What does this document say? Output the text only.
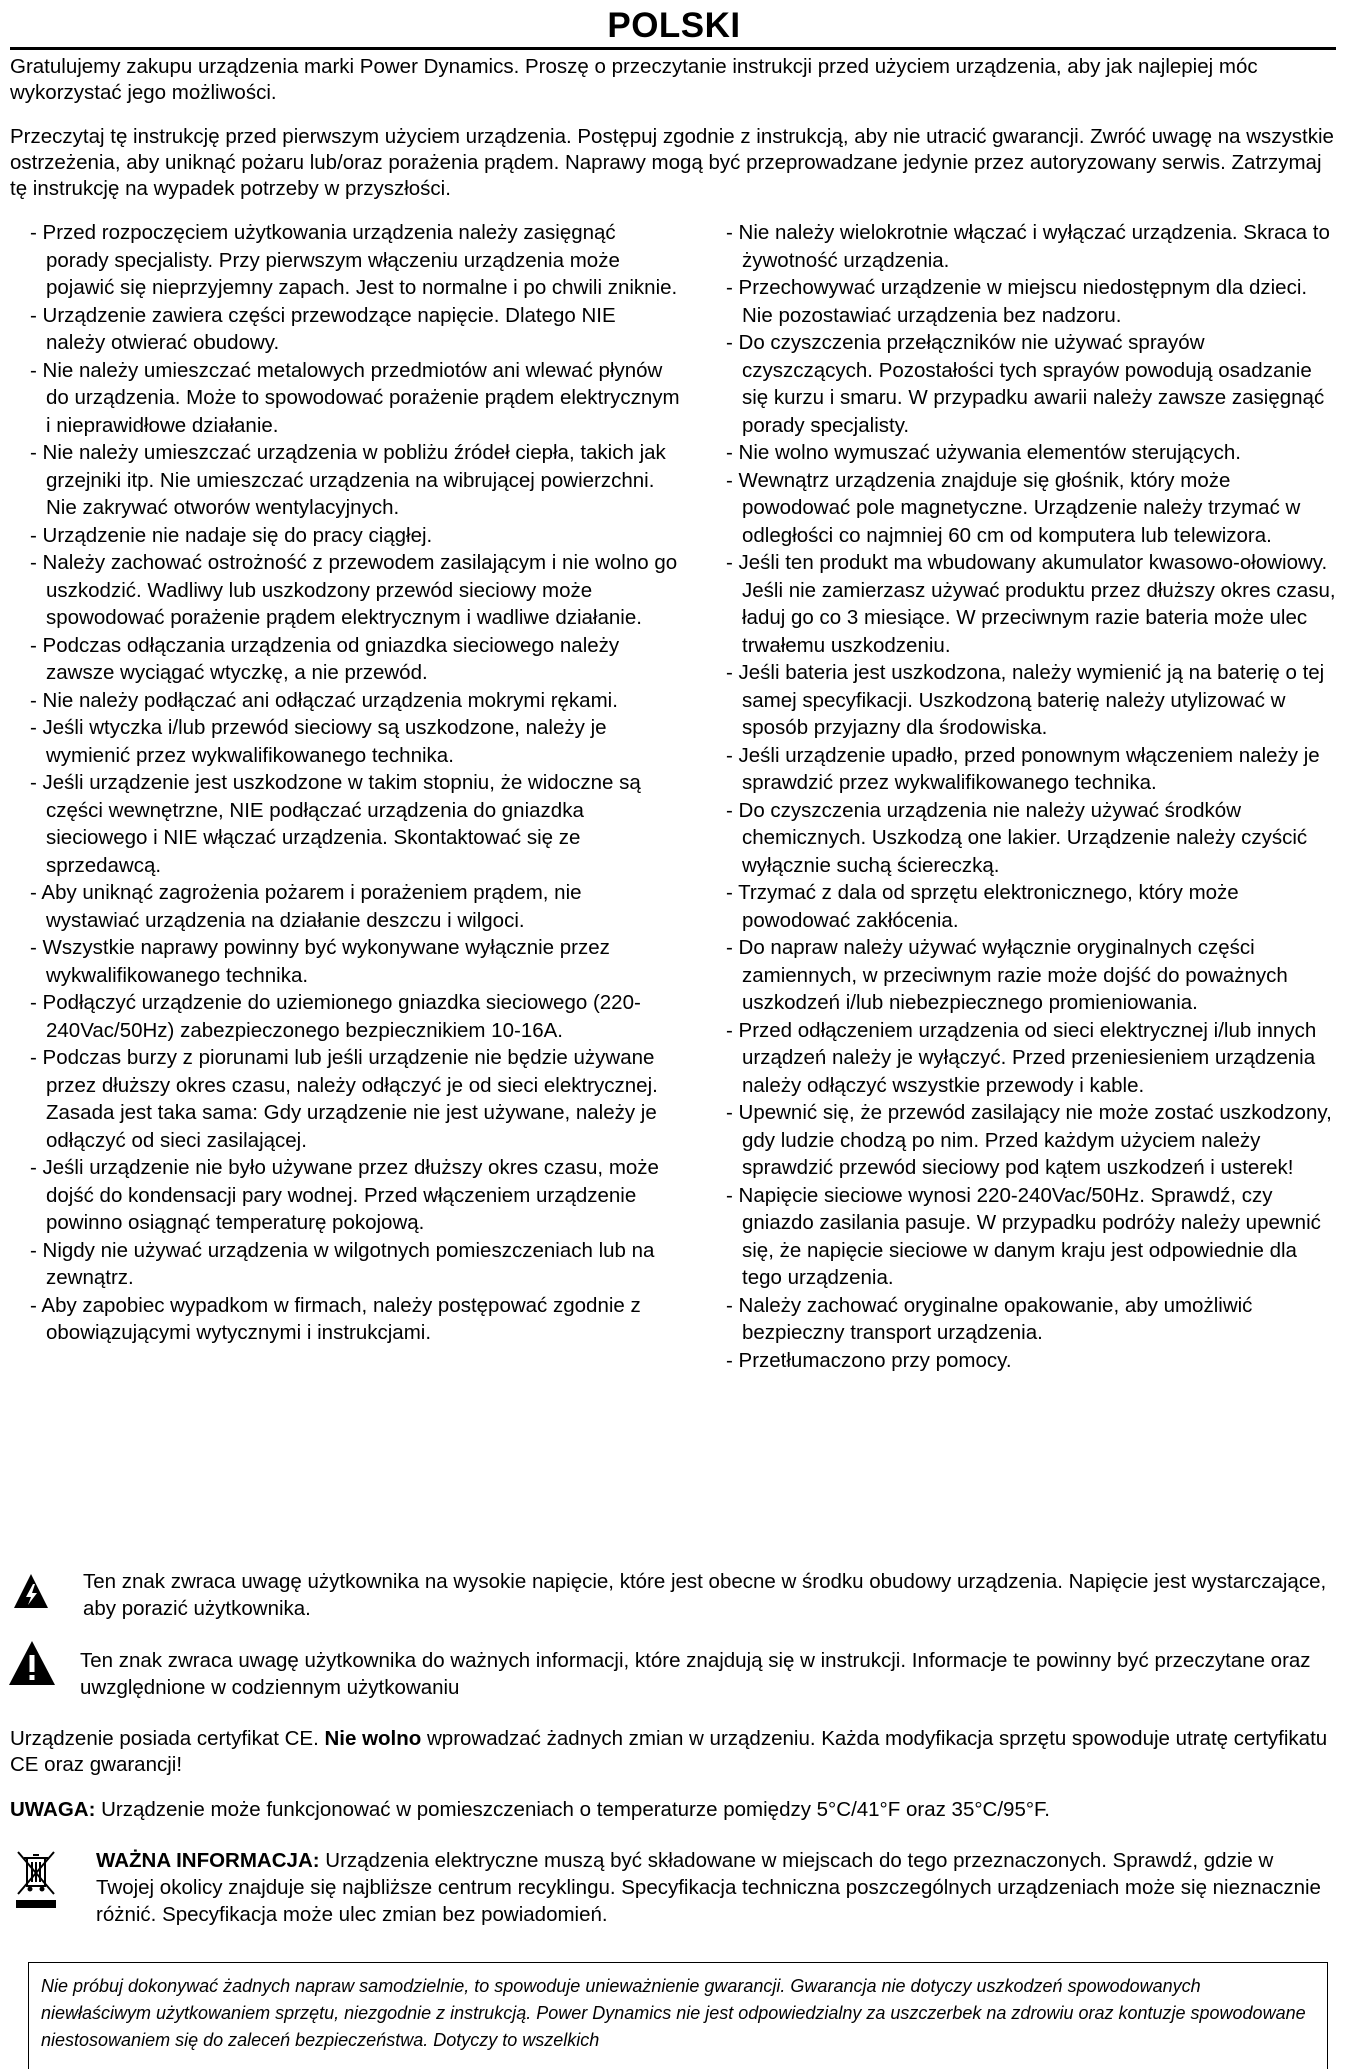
POLSKI
Gratulujemy zakupu urządzenia marki Power Dynamics. Proszę o przeczytanie instrukcji przed użyciem urządzenia, aby jak najlepiej móc wykorzystać jego możliwości.
Przeczytaj tę instrukcję przed pierwszym użyciem urządzenia. Postępuj zgodnie z instrukcją, aby nie utracić gwarancji. Zwróć uwagę na wszystkie ostrzeżenia, aby uniknąć pożaru lub/oraz porażenia prądem. Naprawy mogą być przeprowadzane jedynie przez autoryzowany serwis. Zatrzymaj tę instrukcję na wypadek potrzeby w przyszłości.
- Przed rozpoczęciem użytkowania urządzenia należy zasięgnąć porady specjalisty. Przy pierwszym włączeniu urządzenia może pojawić się nieprzyjemny zapach. Jest to normalne i po chwili zniknie.
- Urządzenie zawiera części przewodzące napięcie. Dlatego NIE należy otwierać obudowy.
- Nie należy umieszczać metalowych przedmiotów ani wlewać płynów do urządzenia. Może to spowodować porażenie prądem elektrycznym i nieprawidłowe działanie.
- Nie należy umieszczać urządzenia w pobliżu źródeł ciepła, takich jak grzejniki itp. Nie umieszczać urządzenia na wibrującej powierzchni. Nie zakrywać otworów wentylacyjnych.
- Urządzenie nie nadaje się do pracy ciągłej.
- Należy zachować ostrożność z przewodem zasilającym i nie wolno go uszkodzić. Wadliwy lub uszkodzony przewód sieciowy może spowodować porażenie prądem elektrycznym i wadliwe działanie.
- Podczas odłączania urządzenia od gniazdka sieciowego należy zawsze wyciągać wtyczkę, a nie przewód.
- Nie należy podłączać ani odłączać urządzenia mokrymi rękami.
- Jeśli wtyczka i/lub przewód sieciowy są uszkodzone, należy je wymienić przez wykwalifikowanego technika.
- Jeśli urządzenie jest uszkodzone w takim stopniu, że widoczne są części wewnętrzne, NIE podłączać urządzenia do gniazdka sieciowego i NIE włączać urządzenia. Skontaktować się ze sprzedawcą.
- Aby uniknąć zagrożenia pożarem i porażeniem prądem, nie wystawiać urządzenia na działanie deszczu i wilgoci.
- Wszystkie naprawy powinny być wykonywane wyłącznie przez wykwalifikowanego technika.
- Podłączyć urządzenie do uziemionego gniazdka sieciowego (220-240Vac/50Hz) zabezpieczonego bezpiecznikiem 10-16A.
- Podczas burzy z piorunami lub jeśli urządzenie nie będzie używane przez dłuższy okres czasu, należy odłączyć je od sieci elektrycznej. Zasada jest taka sama: Gdy urządzenie nie jest używane, należy je odłączyć od sieci zasilającej.
- Jeśli urządzenie nie było używane przez dłuższy okres czasu, może dojść do kondensacji pary wodnej. Przed włączeniem urządzenie powinno osiągnąć temperaturę pokojową.
- Nigdy nie używać urządzenia w wilgotnych pomieszczeniach lub na zewnątrz.
- Aby zapobiec wypadkom w firmach, należy postępować zgodnie z obowiązującymi wytycznymi i instrukcjami.
- Nie należy wielokrotnie włączać i wyłączać urządzenia. Skraca to żywotność urządzenia.
- Przechowywać urządzenie w miejscu niedostępnym dla dzieci. Nie pozostawiać urządzenia bez nadzoru.
- Do czyszczenia przełączników nie używać sprayów czyszczących. Pozostałości tych sprayów powodują osadzanie się kurzu i smaru. W przypadku awarii należy zawsze zasięgnąć porady specjalisty.
- Nie wolno wymuszać używania elementów sterujących.
- Wewnątrz urządzenia znajduje się głośnik, który może powodować pole magnetyczne. Urządzenie należy trzymać w odległości co najmniej 60 cm od komputera lub telewizora.
- Jeśli ten produkt ma wbudowany akumulator kwasowo-ołowiowy. Jeśli nie zamierzasz używać produktu przez dłuższy okres czasu, ładuj go co 3 miesiące. W przeciwnym razie bateria może ulec trwałemu uszkodzeniu.
- Jeśli bateria jest uszkodzona, należy wymienić ją na baterię o tej samej specyfikacji. Uszkodzoną baterię należy utylizować w sposób przyjazny dla środowiska.
- Jeśli urządzenie upadło, przed ponownym włączeniem należy je sprawdzić przez wykwalifikowanego technika.
- Do czyszczenia urządzenia nie należy używać środków chemicznych. Uszkodzą one lakier. Urządzenie należy czyścić wyłącznie suchą ściereczką.
- Trzymać z dala od sprzętu elektronicznego, który może powodować zakłócenia.
- Do napraw należy używać wyłącznie oryginalnych części zamiennych, w przeciwnym razie może dojść do poważnych uszkodzeń i/lub niebezpiecznego promieniowania.
- Przed odłączeniem urządzenia od sieci elektrycznej i/lub innych urządzeń należy je wyłączyć. Przed przeniesieniem urządzenia należy odłączyć wszystkie przewody i kable.
- Upewnić się, że przewód zasilający nie może zostać uszkodzony, gdy ludzie chodzą po nim. Przed każdym użyciem należy sprawdzić przewód sieciowy pod kątem uszkodzeń i usterek!
- Napięcie sieciowe wynosi 220-240Vac/50Hz. Sprawdź, czy gniazdo zasilania pasuje. W przypadku podróży należy upewnić się, że napięcie sieciowe w danym kraju jest odpowiednie dla tego urządzenia.
- Należy zachować oryginalne opakowanie, aby umożliwić bezpieczny transport urządzenia.
- Przetłumaczono przy pomocy.
Ten znak zwraca uwagę użytkownika na wysokie napięcie, które jest obecne w środku obudowy urządzenia. Napięcie jest wystarczające, aby porazić użytkownika.
Ten znak zwraca uwagę użytkownika do ważnych informacji, które znajdują się w instrukcji. Informacje te powinny być przeczytane oraz uwzględnione w codziennym użytkowaniu
Urządzenie posiada certyfikat CE. Nie wolno wprowadzać żadnych zmian w urządzeniu. Każda modyfikacja sprzętu spowoduje utratę certyfikatu CE oraz gwarancji!
UWAGA: Urządzenie może funkcjonować w pomieszczeniach o temperaturze pomiędzy 5°C/41°F oraz 35°C/95°F.
WAŻNA INFORMACJA: Urządzenia elektryczne muszą być składowane w miejscach do tego przeznaczonych. Sprawdź, gdzie w Twojej okolicy znajduje się najbliższe centrum recyklingu. Specyfikacja techniczna poszczególnych urządzeniach może się nieznacznie różnić. Specyfikacja może ulec zmian bez powiadomień.
Nie próbuj dokonywać żadnych napraw samodzielnie, to spowoduje unieważnienie gwarancji. Gwarancja nie dotyczy uszkodzeń spowodowanych niewłaściwym użytkowaniem sprzętu, niezgodnie z instrukcją. Power Dynamics nie jest odpowiedzialny za uszczerbek na zdrowiu oraz kontuzje spowodowane niestosowaniem się do zaleceń bezpieczeństwa. Dotyczy to wszelkich
